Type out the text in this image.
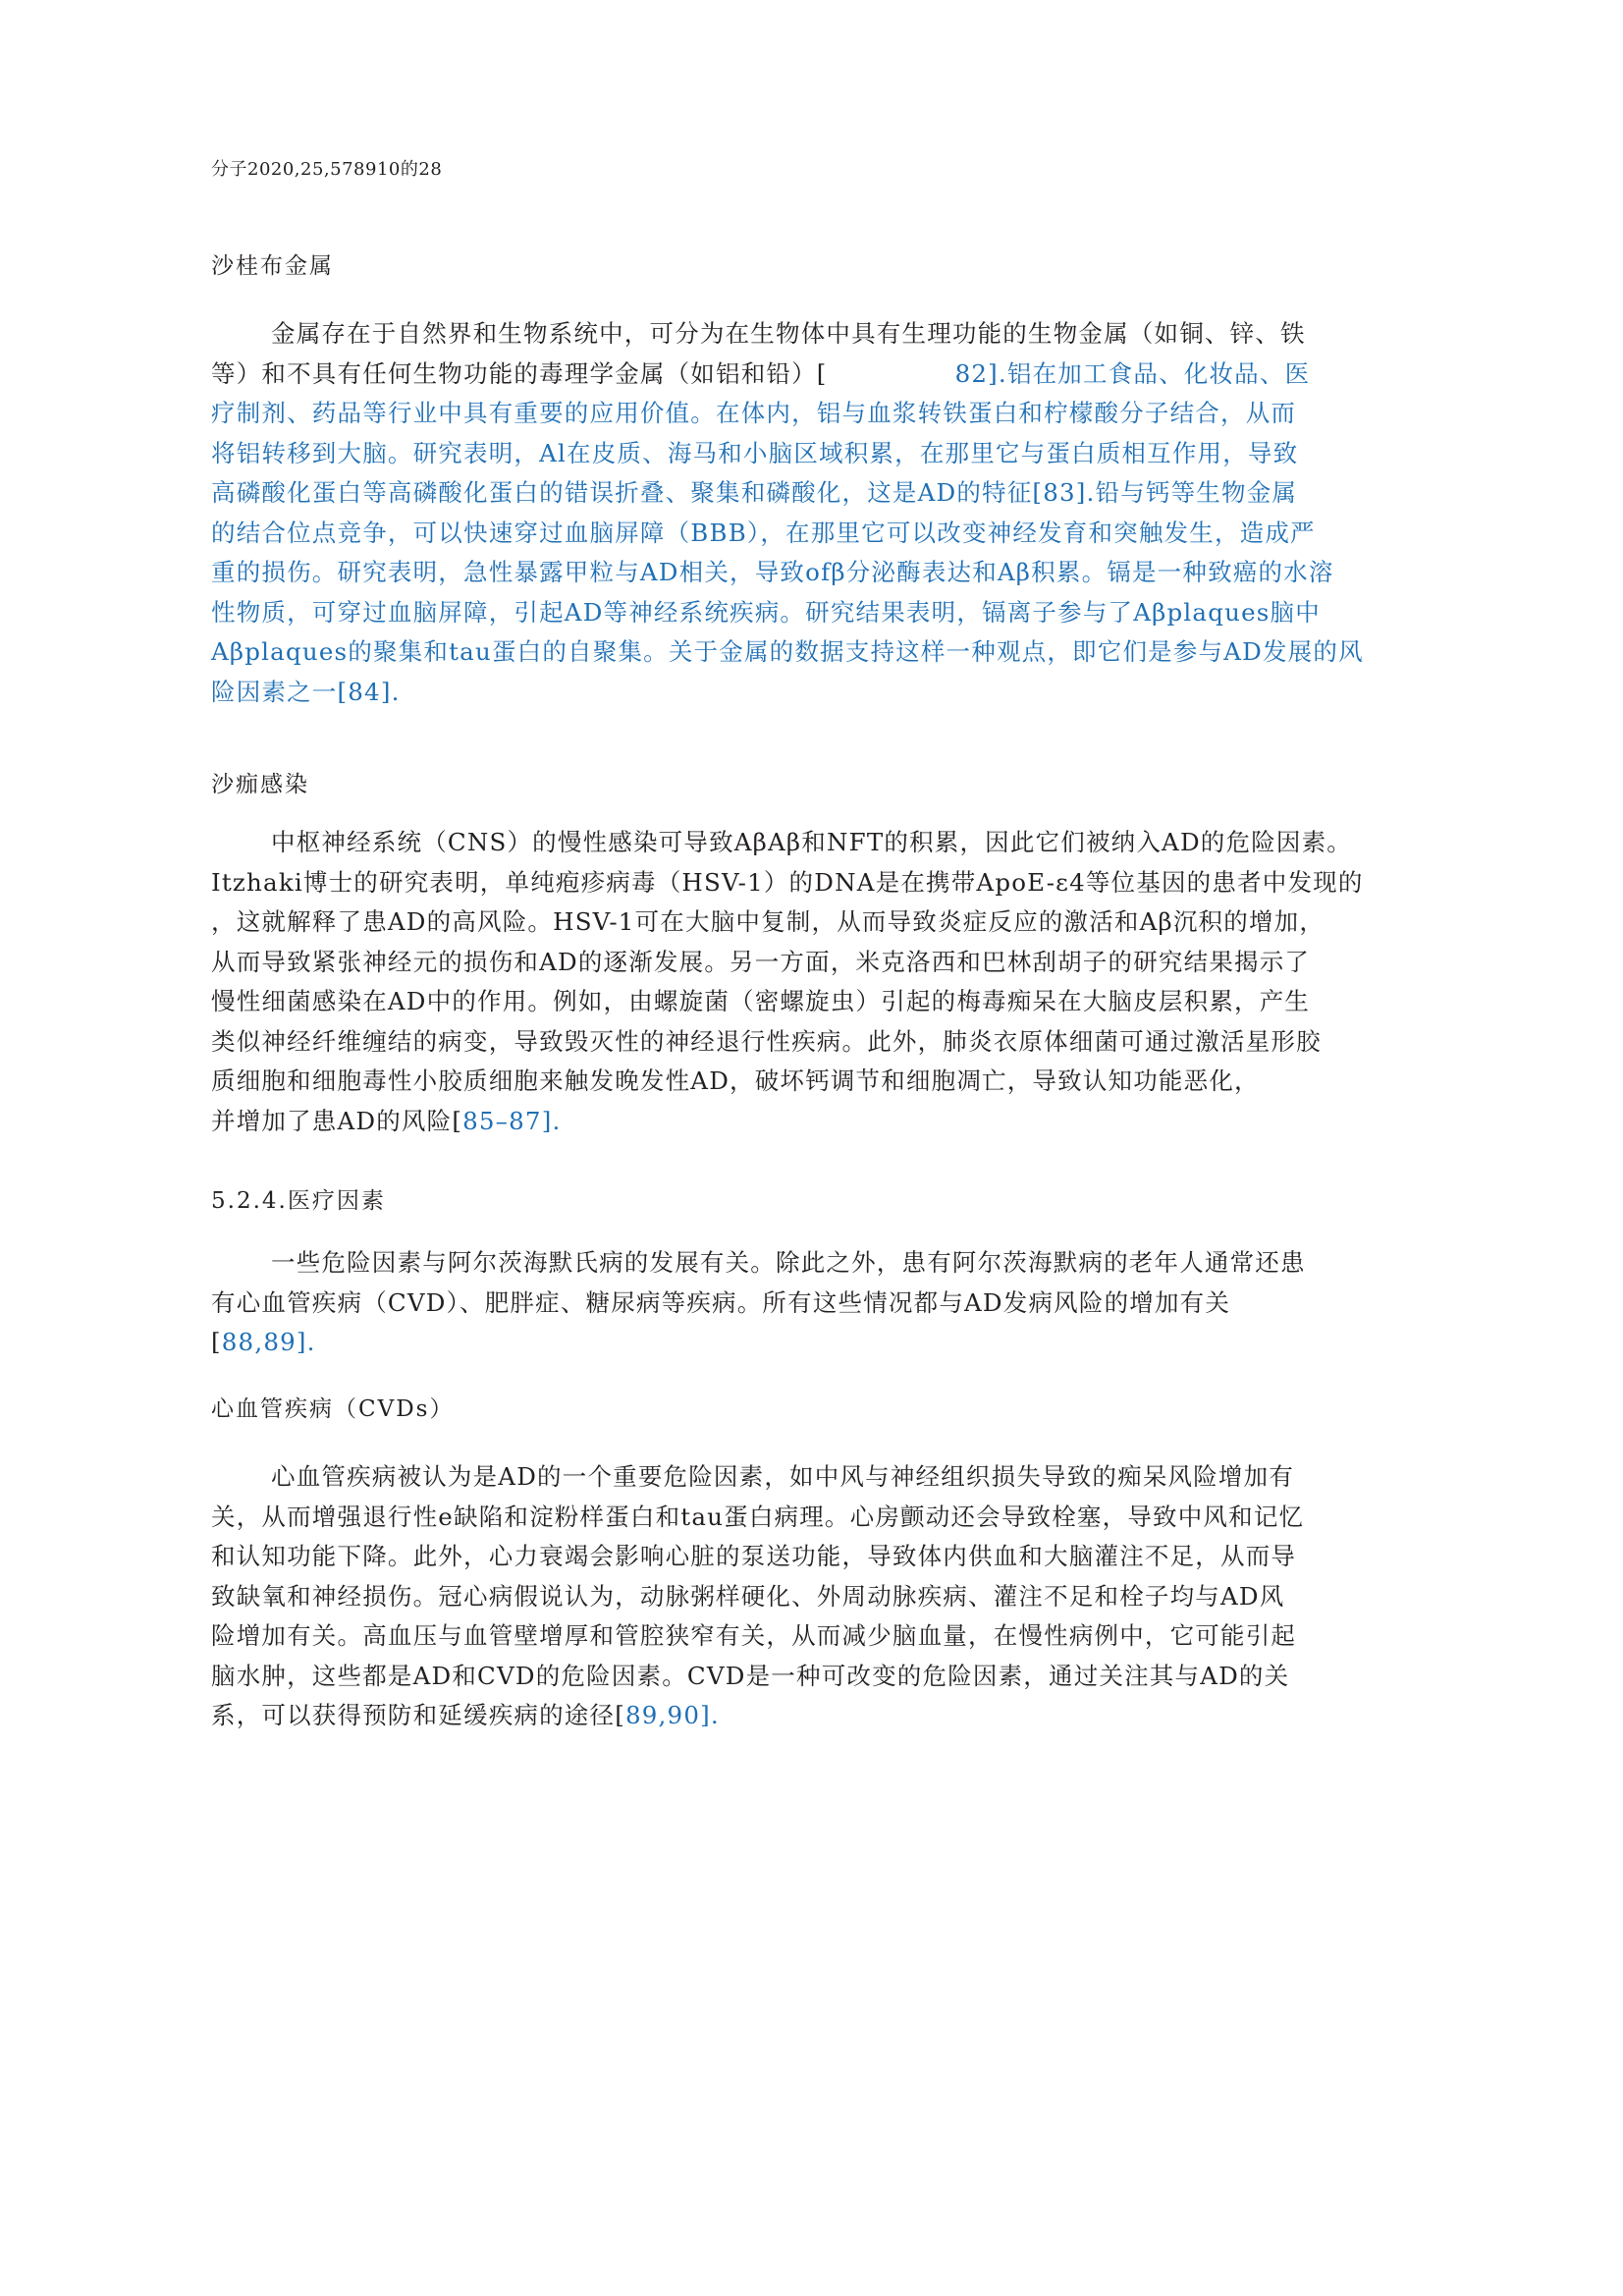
分子2020,25,578910的28
沙桂布金属
金属存在于自然界和生物系统中，可分为在生物体中具有生理功能的生物金属（如铜、锌、铁
等）和不具有任何生物功能的毒理学金属（如铝和铅）[	82].铝在加工食品、化妆品、医
疗制剂、药品等行业中具有重要的应用价值。在体内，铝与血浆转铁蛋白和柠檬酸分子结合，从而
将铝转移到大脑。研究表明，Al在皮质、海马和小脑区域积累，在那里它与蛋白质相互作用，导致
高磷酸化蛋白等高磷酸化蛋白的错误折叠、聚集和磷酸化，这是AD的特征[83].铅与钙等生物金属
的结合位点竞争，可以快速穿过血脑屏障（BBB），在那里它可以改变神经发育和突触发生，造成严
重的损伤。研究表明，急性暴露甲粒与AD相关，导致ofβ分泌酶表达和Aβ积累。镉是一种致癌的水溶
性物质，可穿过血脑屏障，引起AD等神经系统疾病。研究结果表明，镉离子参与了Aβplaques脑中
Aβplaques的聚集和tau蛋白的自聚集。关于金属的数据支持这样一种观点，即它们是参与AD发展的风
险因素之一[84].
沙痂感染
中枢神经系统（CNS）的慢性感染可导致AβAβ和NFT的积累，因此它们被纳入AD的危险因素。
Itzhaki博士的研究表明，单纯疱疹病毒（HSV-1）的DNA是在携带ApoE-ε4等位基因的患者中发现的
，这就解释了患AD的高风险。HSV-1可在大脑中复制，从而导致炎症反应的激活和Aβ沉积的增加，
从而导致紧张神经元的损伤和AD的逐渐发展。另一方面，米克洛西和巴林刮胡子的研究结果揭示了
慢性细菌感染在AD中的作用。例如，由螺旋菌（密螺旋虫）引起的梅毒痴呆在大脑皮层积累，产生
类似神经纤维缠结的病变，导致毁灭性的神经退行性疾病。此外，肺炎衣原体细菌可通过激活星形胶
质细胞和细胞毒性小胶质细胞来触发晚发性AD，破坏钙调节和细胞凋亡，导致认知功能恶化，
并增加了患AD的风险[85–87].
5.2.4.医疗因素
一些危险因素与阿尔茨海默氏病的发展有关。除此之外，患有阿尔茨海默病的老年人通常还患
有心血管疾病（CVD）、肥胖症、糖尿病等疾病。所有这些情况都与AD发病风险的增加有关
[88,89].
心血管疾病（CVDs）
心血管疾病被认为是AD的一个重要危险因素，如中风与神经组织损失导致的痴呆风险增加有
关，从而增强退行性e缺陷和淀粉样蛋白和tau蛋白病理。心房颤动还会导致栓塞，导致中风和记忆
和认知功能下降。此外，心力衰竭会影响心脏的泵送功能，导致体内供血和大脑灌注不足，从而导
致缺氧和神经损伤。冠心病假说认为，动脉粥样硬化、外周动脉疾病、灌注不足和栓子均与AD风
险增加有关。高血压与血管壁增厚和管腔狭窄有关，从而减少脑血量，在慢性病例中，它可能引起
脑水肿，这些都是AD和CVD的危险因素。CVD是一种可改变的危险因素，通过关注其与AD的关
系，可以获得预防和延缓疾病的途径[89,90].
